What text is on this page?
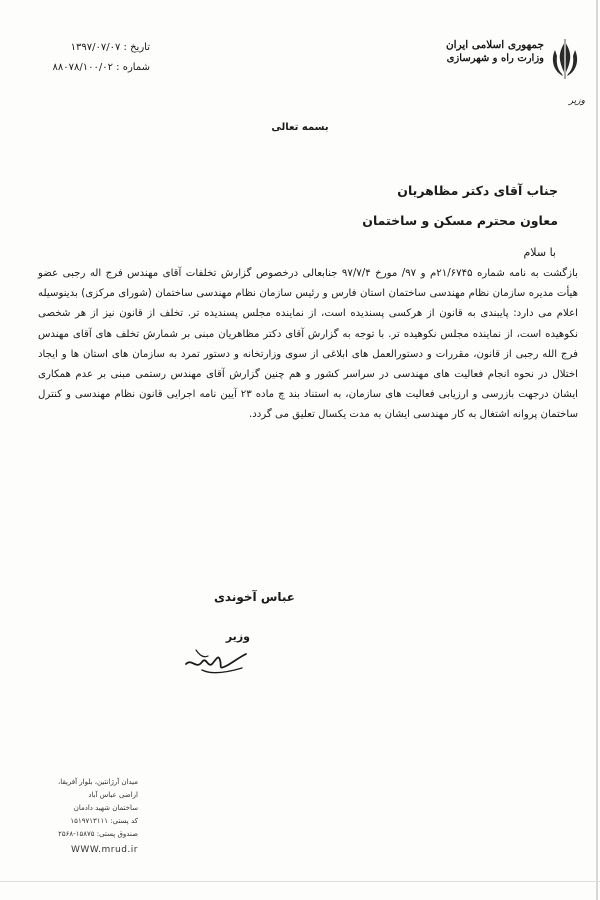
جمهوری اسلامی ایران
وزارت راه و شهرسازی
وزیر
تاریخ : ۱۳۹۷/۰۷/۰۷
شماره : ۸۸۰۷۸/۱۰۰/۰۲
بسمه تعالی
جناب آقای دکتر مظاهریان
معاون محترم مسکن و ساختمان
با سلام

بازگشت به نامه شماره ۲۱/۶۷۴۵م و ۹۷/ مورخ ۹۷/۷/۴ جنابعالی درخصوص گزارش تخلفات آقای مهندس فرج اله رجبی عضو هیأت مدیره سازمان نظام مهندسی ساختمان استان فارس و رئیس سازمان نظام مهندسی ساختمان (شورای مرکزی) بدینوسیله اعلام می دارد: پایبندی به قانون از هرکسی پسندیده است، از نماینده مجلس پسندیده تر. تخلف از قانون نیز از هر شخصی نکوهیده است، از نماینده مجلس نکوهیده تر. با توجه به گزارش آقای دکتر مظاهریان مبنی بر شمارش تخلف های آقای مهندس فرج الله رجبی از قانون، مقررات و دستورالعمل های ابلاغی از سوی وزارتخانه و دستور تمرد به سازمان های استان ها و ایجاد اختلال در نحوه انجام فعالیت های مهندسی در سراسر کشور و هم چنین گزارش آقای مهندس رستمی مبنی بر عدم همکاری ایشان درجهت بازرسی و ارزیابی فعالیت های سازمان، به استناد بند چ ماده ۲۳ آیین نامه اجرایی قانون نظام مهندسی و کنترل ساختمان پروانه اشتغال به کار مهندسی ایشان به مدت یکسال تعلیق می گردد.

عباس آخوندی
وزیر
میدان آرژانتین، بلوار آفریقا،
اراضی عباس آباد
ساختمان شهید دادمان
کد پستی: ۱۵۱۹۷۱۳۱۱۱
صندوق پستی: ۱۵۸۷۵-۲۵۶۸
WWW.mrud.ir
